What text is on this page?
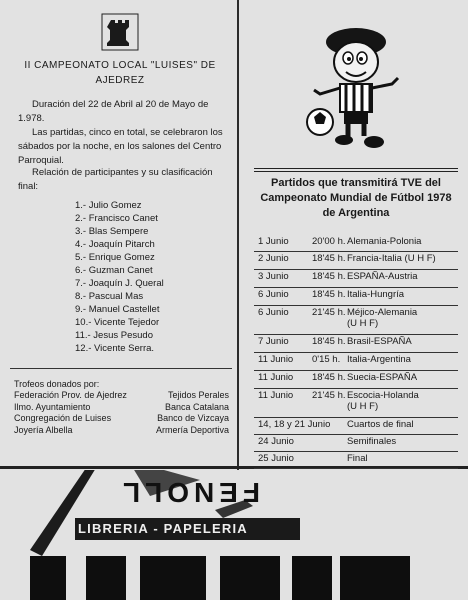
II CAMPEONATO LOCAL "LUISES" DE AJEDREZ
Duración del 22 de Abril al 20 de Mayo de 1.978.
Las partidas, cinco en total, se celebraron los sábados por la noche, en los salones del Centro Parroquial.
Relación de participantes y su clasificación final:
1.- Julio Gomez
2.- Francisco Canet
3.- Blas Sempere
4.- Joaquín Pitarch
5.- Enrique Gomez
6.- Guzman Canet
7.- Joaquín J. Queral
8.- Pascual Mas
9.- Manuel Castellet
10.- Vicente Tejedor
11.- Jesus Pesudo
12.- Vicente Serra.
Trofeos donados por:
Federación Prov. de Ajedrez	Tejidos Perales
Ilmo. Ayuntamiento	Banca Catalana
Congregación de Luises	Banco de Vizcaya
Joyería Albella	Armería Deportiva
Partidos que transmitirá TVE del Campeonato Mundial de Fútbol 1978 de Argentina
1 Junio 20'00 h. Alemania-Polonia
2 Junio 18'45 h. Francia-Italia (U H F)
3 Junio 18'45 h. ESPAÑA-Austria
6 Junio 18'45 h. Italia-Hungría
6 Junio 21'45 h. Méjico-Alemania
(U H F)
7 Junio 18'45 h. Brasil-ESPAÑA
11 Junio 0'15 h. Italia-Argentina
11 Junio 18'45 h. Suecia-ESPAÑA
11 Junio 21'45 h. Escocia-Holanda
(U H F)
14, 18 y 21 Junio Cuartos de final
24 Junio	Semifinales
25 Junio	Final
FENOLL
LIBRERIA - PAPELERIA
